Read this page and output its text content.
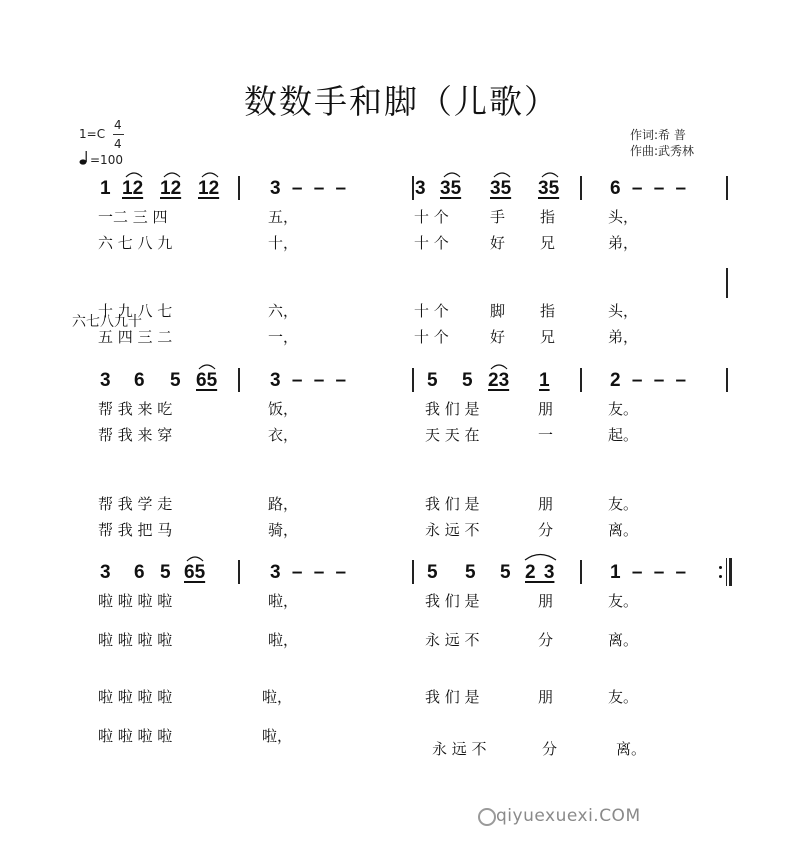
数数手和脚（儿歌）
1=C
4
4
=100
作词:希 普
作曲:武秀林
1 12 12 12	3 – – –	3 35 35 35	6 – – –
一二 三 四	五，	十 个	手 指	头，
六 七 八 九	十，	十 个	好 兄	弟，
十 九 八 七	六，	十 个	脚 指	头，
六七八九十
五 四 三 二	一，	十 个	好 兄	弟，
3 6 5 65	3 – – –	5 5 23 1	2 – – –
帮 我 来 吃	饭，	我 们 是	朋	友。
帮 我 来 穿	衣，	天 天 在	一	起。
帮 我 学 走	路，	我 们 是	朋	友。
帮 我 把 马	骑，	永 远 不	分	离。
3 6 5 65	3 – – –	5 5 5 2 3	1 – – –
啦 啦 啦 啦	啦，	我 们 是	朋	友。
啦 啦 啦 啦	啦，	永 远 不	分	离。
啦 啦 啦 啦	啦，	我 们 是	朋	友。
啦 啦 啦 啦	啦，
永 远 不	分	离。
qiyuexuexi.COM
